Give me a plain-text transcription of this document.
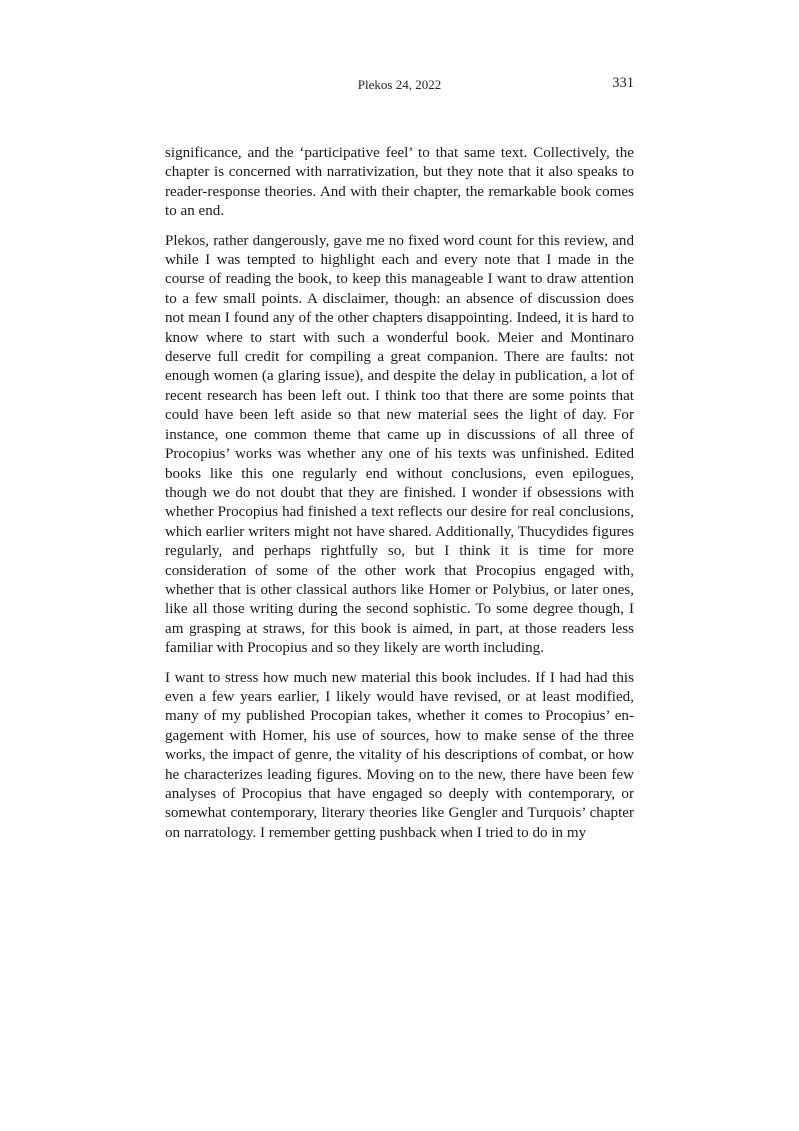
Plekos 24, 2022	331

significance, and the ‘participative feel’ to that same text. Collectively, the chapter is concerned with narrativization, but they note that it also speaks to reader-response theories. And with their chapter, the remarkable book comes to an end.

Plekos, rather dangerously, gave me no fixed word count for this review, and while I was tempted to highlight each and every note that I made in the course of reading the book, to keep this manageable I want to draw attention to a few small points. A disclaimer, though: an absence of discussion does not mean I found any of the other chapters disappointing. Indeed, it is hard to know where to start with such a wonderful book. Meier and Montinaro deserve full credit for compiling a great companion. There are faults: not enough women (a glaring issue), and despite the delay in publication, a lot of recent research has been left out. I think too that there are some points that could have been left aside so that new material sees the light of day. For instance, one common theme that came up in discussions of all three of Procopius’ works was whether any one of his texts was unfinished. Edited books like this one regularly end without conclusions, even epilogues, though we do not doubt that they are finished. I wonder if obsessions with whether Procopius had finished a text reflects our desire for real conclusions, which earlier writers might not have shared. Additionally, Thucydides figures regularly, and perhaps rightfully so, but I think it is time for more consideration of some of the other work that Procopius engaged with, whether that is other classical authors like Homer or Polybius, or later ones, like all those writing during the second sophistic. To some degree though, I am grasping at straws, for this book is aimed, in part, at those readers less familiar with Procopius and so they likely are worth including.

I want to stress how much new material this book includes. If I had had this even a few years earlier, I likely would have revised, or at least modified, many of my published Procopian takes, whether it comes to Procopius’ engagement with Homer, his use of sources, how to make sense of the three works, the impact of genre, the vitality of his descriptions of combat, or how he characterizes leading figures. Moving on to the new, there have been few analyses of Procopius that have engaged so deeply with contemporary, or somewhat contemporary, literary theories like Gengler and Turquois’ chapter on narratology. I remember getting pushback when I tried to do in my
